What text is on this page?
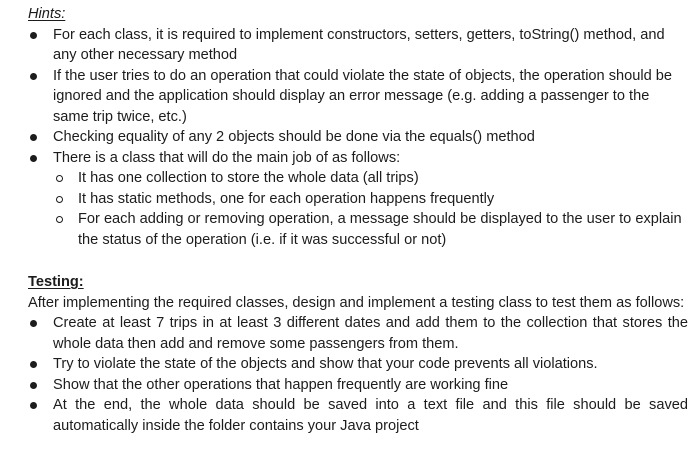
Hints:
For each class, it is required to implement constructors, setters, getters, toString() method, and any other necessary method
If the user tries to do an operation that could violate the state of objects, the operation should be ignored and the application should display an error message (e.g. adding a passenger to the same trip twice, etc.)
Checking equality of any 2 objects should be done via the equals() method
There is a class that will do the main job of as follows:
It has one collection to store the whole data (all trips)
It has static methods, one for each operation happens frequently
For each adding or removing operation, a message should be displayed to the user to explain the status of the operation (i.e. if it was successful or not)
Testing:
After implementing the required classes, design and implement a testing class to test them as follows:
Create at least 7 trips in at least 3 different dates and add them to the collection that stores the whole data then add and remove some passengers from them.
Try to violate the state of the objects and show that your code prevents all violations.
Show that the other operations that happen frequently are working fine
At the end, the whole data should be saved into a text file and this file should be saved automatically inside the folder contains your Java project
